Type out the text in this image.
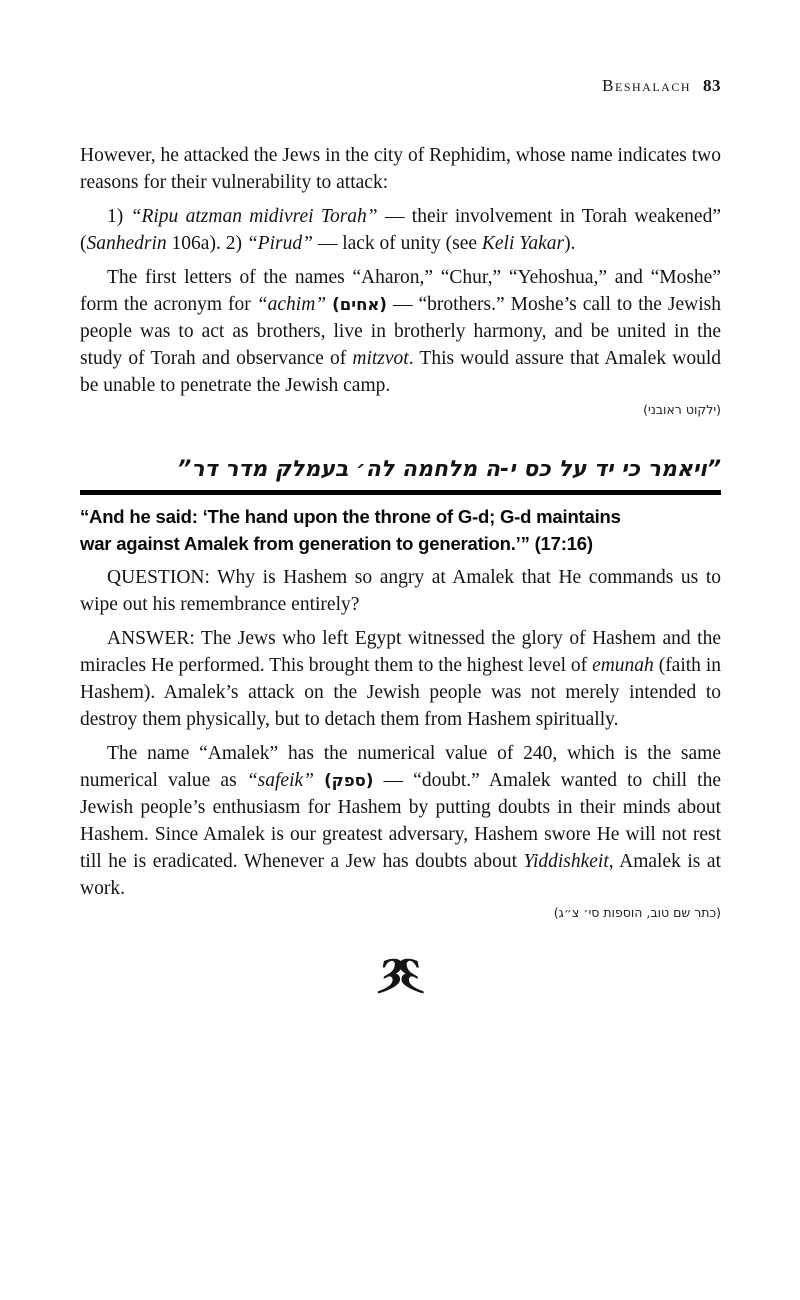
Beshalach 83

However, he attacked the Jews in the city of Rephidim, whose name indicates two reasons for their vulnerability to attack:

1) “Ripu atzman midivrei Torah” — their involvement in Torah weakened” (Sanhedrin 106a). 2) “Pirud” — lack of unity (see Keli Yakar).

The first letters of the names “Aharon,” “Chur,” “Yehoshua,” and “Moshe” form the acronym for “achim” (אחים) — “brothers.” Moshe’s call to the Jewish people was to act as brothers, live in brotherly harmony, and be united in the study of Torah and observance of mitzvot. This would assure that Amalek would be unable to penetrate the Jewish camp.

(ילקוט ראובני)
”ויאמר כי יד על כס י-ה מלחמה לה׳ בעמלק מדר דר”
“And he said: ‘The hand upon the throne of G-d; G-d maintains
war against Amalek from generation to generation.’” (17:16)

QUESTION: Why is Hashem so angry at Amalek that He commands us to wipe out his remembrance entirely?

ANSWER: The Jews who left Egypt witnessed the glory of Hashem and the miracles He performed. This brought them to the highest level of emunah (faith in Hashem). Amalek’s attack on the Jewish people was not merely intended to destroy them physically, but to detach them from Hashem spiritually.

The name “Amalek” has the numerical value of 240, which is the same numerical value as “safeik” (ספק) — “doubt.” Amalek wanted to chill the Jewish people’s enthusiasm for Hashem by putting doubts in their minds about Hashem. Since Amalek is our greatest adversary, Hashem swore He will not rest till he is eradicated. Whenever a Jew has doubts about Yiddishkeit, Amalek is at work.

(כתר שם טוב, הוספות סי׳ צ״ג)
ȜȜ
